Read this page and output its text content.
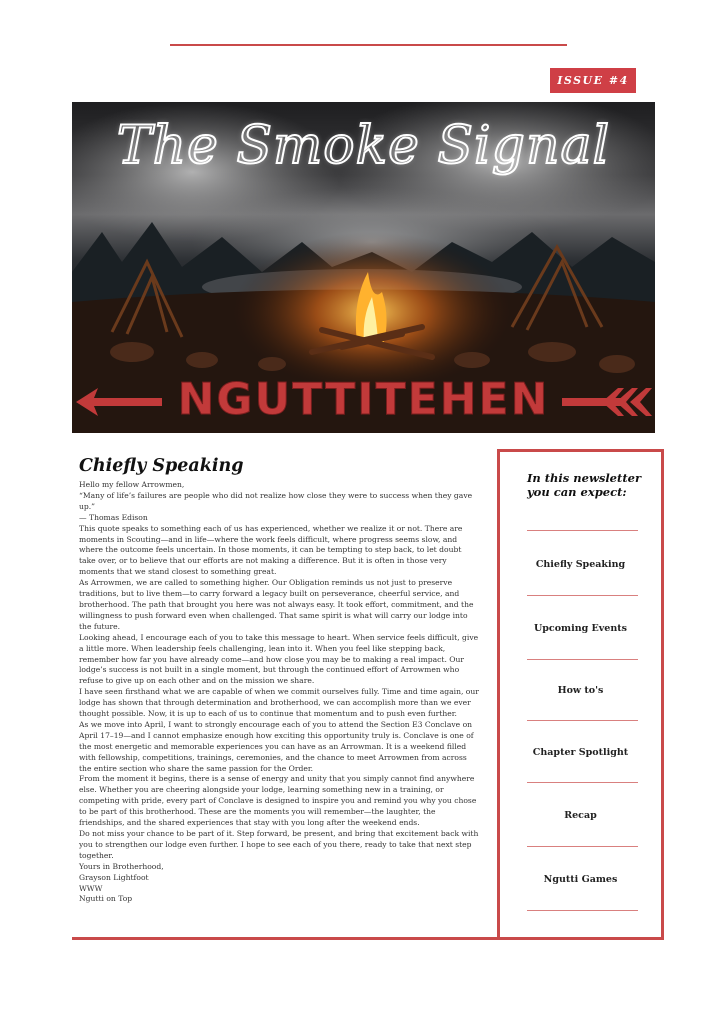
ISSUE #4
The Smoke Signal
NGUTTITEHEN
Chiefly Speaking

Hello my fellow Arrowmen,
“Many of life’s failures are people who did not realize how close they were to success when they gave up.”
— Thomas Edison
This quote speaks to something each of us has experienced, whether we realize it or not. There are moments in Scouting—and in life—where the work feels difficult, where progress seems slow, and where the outcome feels uncertain. In those moments, it can be tempting to step back, to let doubt take over, or to believe that our efforts are not making a difference. But it is often in those very moments that we stand closest to something great.
As Arrowmen, we are called to something higher. Our Obligation reminds us not just to preserve traditions, but to live them—to carry forward a legacy built on perseverance, cheerful service, and brotherhood. The path that brought you here was not always easy. It took effort, commitment, and the willingness to push forward even when challenged. That same spirit is what will carry our lodge into the future.
Looking ahead, I encourage each of you to take this message to heart. When service feels difficult, give a little more. When leadership feels challenging, lean into it. When you feel like stepping back, remember how far you have already come—and how close you may be to making a real impact. Our lodge’s success is not built in a single moment, but through the continued effort of Arrowmen who refuse to give up on each other and on the mission we share.
I have seen firsthand what we are capable of when we commit ourselves fully. Time and time again, our lodge has shown that through determination and brotherhood, we can accomplish more than we ever thought possible. Now, it is up to each of us to continue that momentum and to push even further.
As we move into April, I want to strongly encourage each of you to attend the Section E3 Conclave on April 17–19—and I cannot emphasize enough how exciting this opportunity truly is. Conclave is one of the most energetic and memorable experiences you can have as an Arrowman. It is a weekend filled with fellowship, competitions, trainings, ceremonies, and the chance to meet Arrowmen from across the entire section who share the same passion for the Order.
From the moment it begins, there is a sense of energy and unity that you simply cannot find anywhere else. Whether you are cheering alongside your lodge, learning something new in a training, or competing with pride, every part of Conclave is designed to inspire you and remind you why you chose to be part of this brotherhood. These are the moments you will remember—the laughter, the friendships, and the shared experiences that stay with you long after the weekend ends.
Do not miss your chance to be part of it. Step forward, be present, and bring that excitement back with you to strengthen our lodge even further. I hope to see each of you there, ready to take that next step together.
Yours in Brotherhood,
Grayson Lightfoot
WWW
Ngutti on Top

In this newsletter you can expect:
Chiefly Speaking
Upcoming Events
How to's
Chapter Spotlight
Recap
Ngutti Games
